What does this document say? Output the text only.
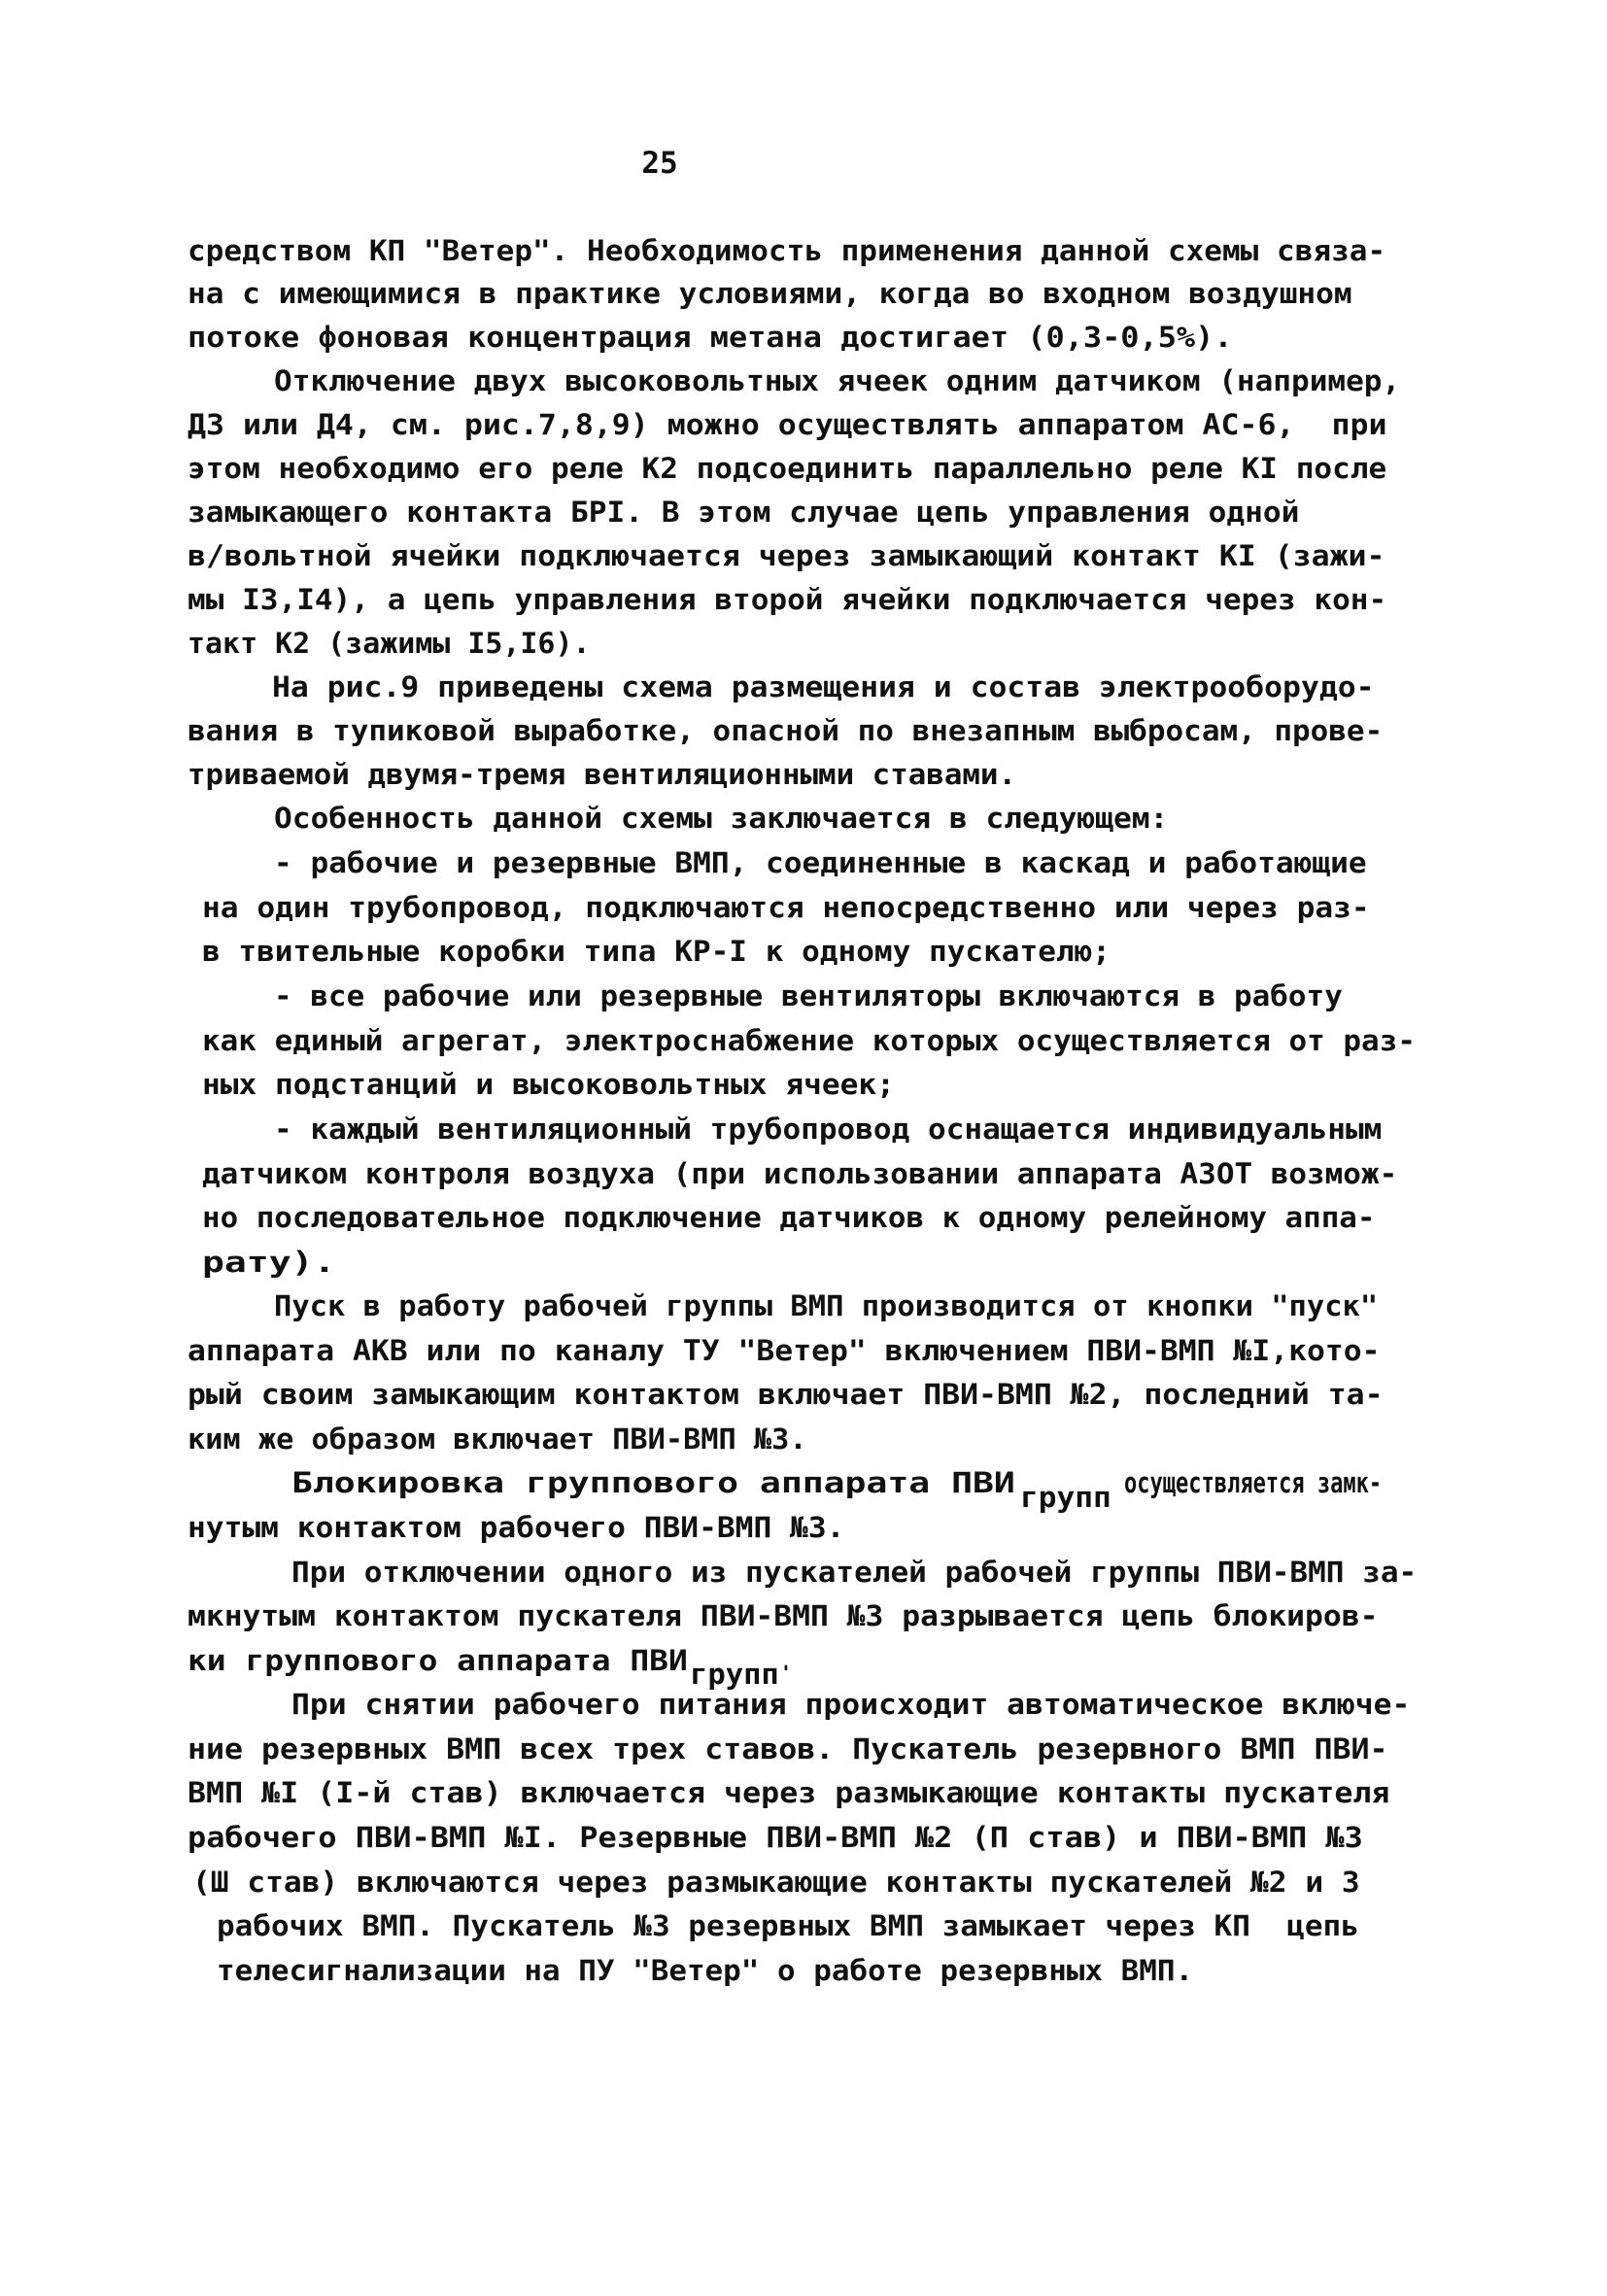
25
средством КП "Ветер". Необходимость применения данной схемы связа-
на с имеющимися в практике условиями, когда во входном воздушном
потоке фоновая концентрация метана достигает (0,3-0,5%).
Отключение двух высоковольтных ячеек одним датчиком (например,
Д3 или Д4, см. рис.7,8,9) можно осуществлять аппаратом АС-6,  при
этом необходимо его реле К2 подсоединить параллельно реле КI после
замыкающего контакта БРI. В этом случае цепь управления одной
в/вольтной ячейки подключается через замыкающий контакт КI (зажи-
мы I3,I4), а цепь управления второй ячейки подключается через кон-
такт К2 (зажимы I5,I6).
На рис.9 приведены схема размещения и состав электрооборудо-
вания в тупиковой выработке, опасной по внезапным выбросам, прове-
триваемой двумя-тремя вентиляционными ставами.
Особенность данной схемы заключается в следующем:
- рабочие и резервные ВМП, соединенные в каскад и работающие
на один трубопровод, подключаются непосредственно или через раз-
в твительные коробки типа КР-I к одному пускателю;
- все рабочие или резервные вентиляторы включаются в работу
как единый агрегат, электроснабжение которых осуществляется от раз-
ных подстанций и высоковольтных ячеек;
- каждый вентиляционный трубопровод оснащается индивидуальным
датчиком контроля воздуха (при использовании аппарата АЗОТ возмож-
но последовательное подключение датчиков к одному релейному аппа-
рату).
Пуск в работу рабочей группы ВМП производится от кнопки "пуск"
аппарата АКВ или по каналу ТУ "Ветер" включением ПВИ-ВМП №I,кото-
рый своим замыкающим контактом включает ПВИ-ВМП №2, последний та-
ким же образом включает ПВИ-ВМП №3.
Блокировка группового аппарата ПВИ групп осуществляется замк-
нутым контактом рабочего ПВИ-ВМП №3.
При отключении одного из пускателей рабочей группы ПВИ-ВМП за-
мкнутым контактом пускателя ПВИ-ВМП №3 разрывается цепь блокиров-
ки группового аппарата ПВИ групп .
При снятии рабочего питания происходит автоматическое включе-
ние резервных ВМП всех трех ставов. Пускатель резервного ВМП ПВИ-
ВМП №I (I-й став) включается через размыкающие контакты пускателя
рабочего ПВИ-ВМП №I. Резервные ПВИ-ВМП №2 (П став) и ПВИ-ВМП №3
(Ш став) включаются через размыкающие контакты пускателей №2 и 3
рабочих ВМП. Пускатель №3 резервных ВМП замыкает через КП  цепь
телесигнализации на ПУ "Ветер" о работе резервных ВМП.
